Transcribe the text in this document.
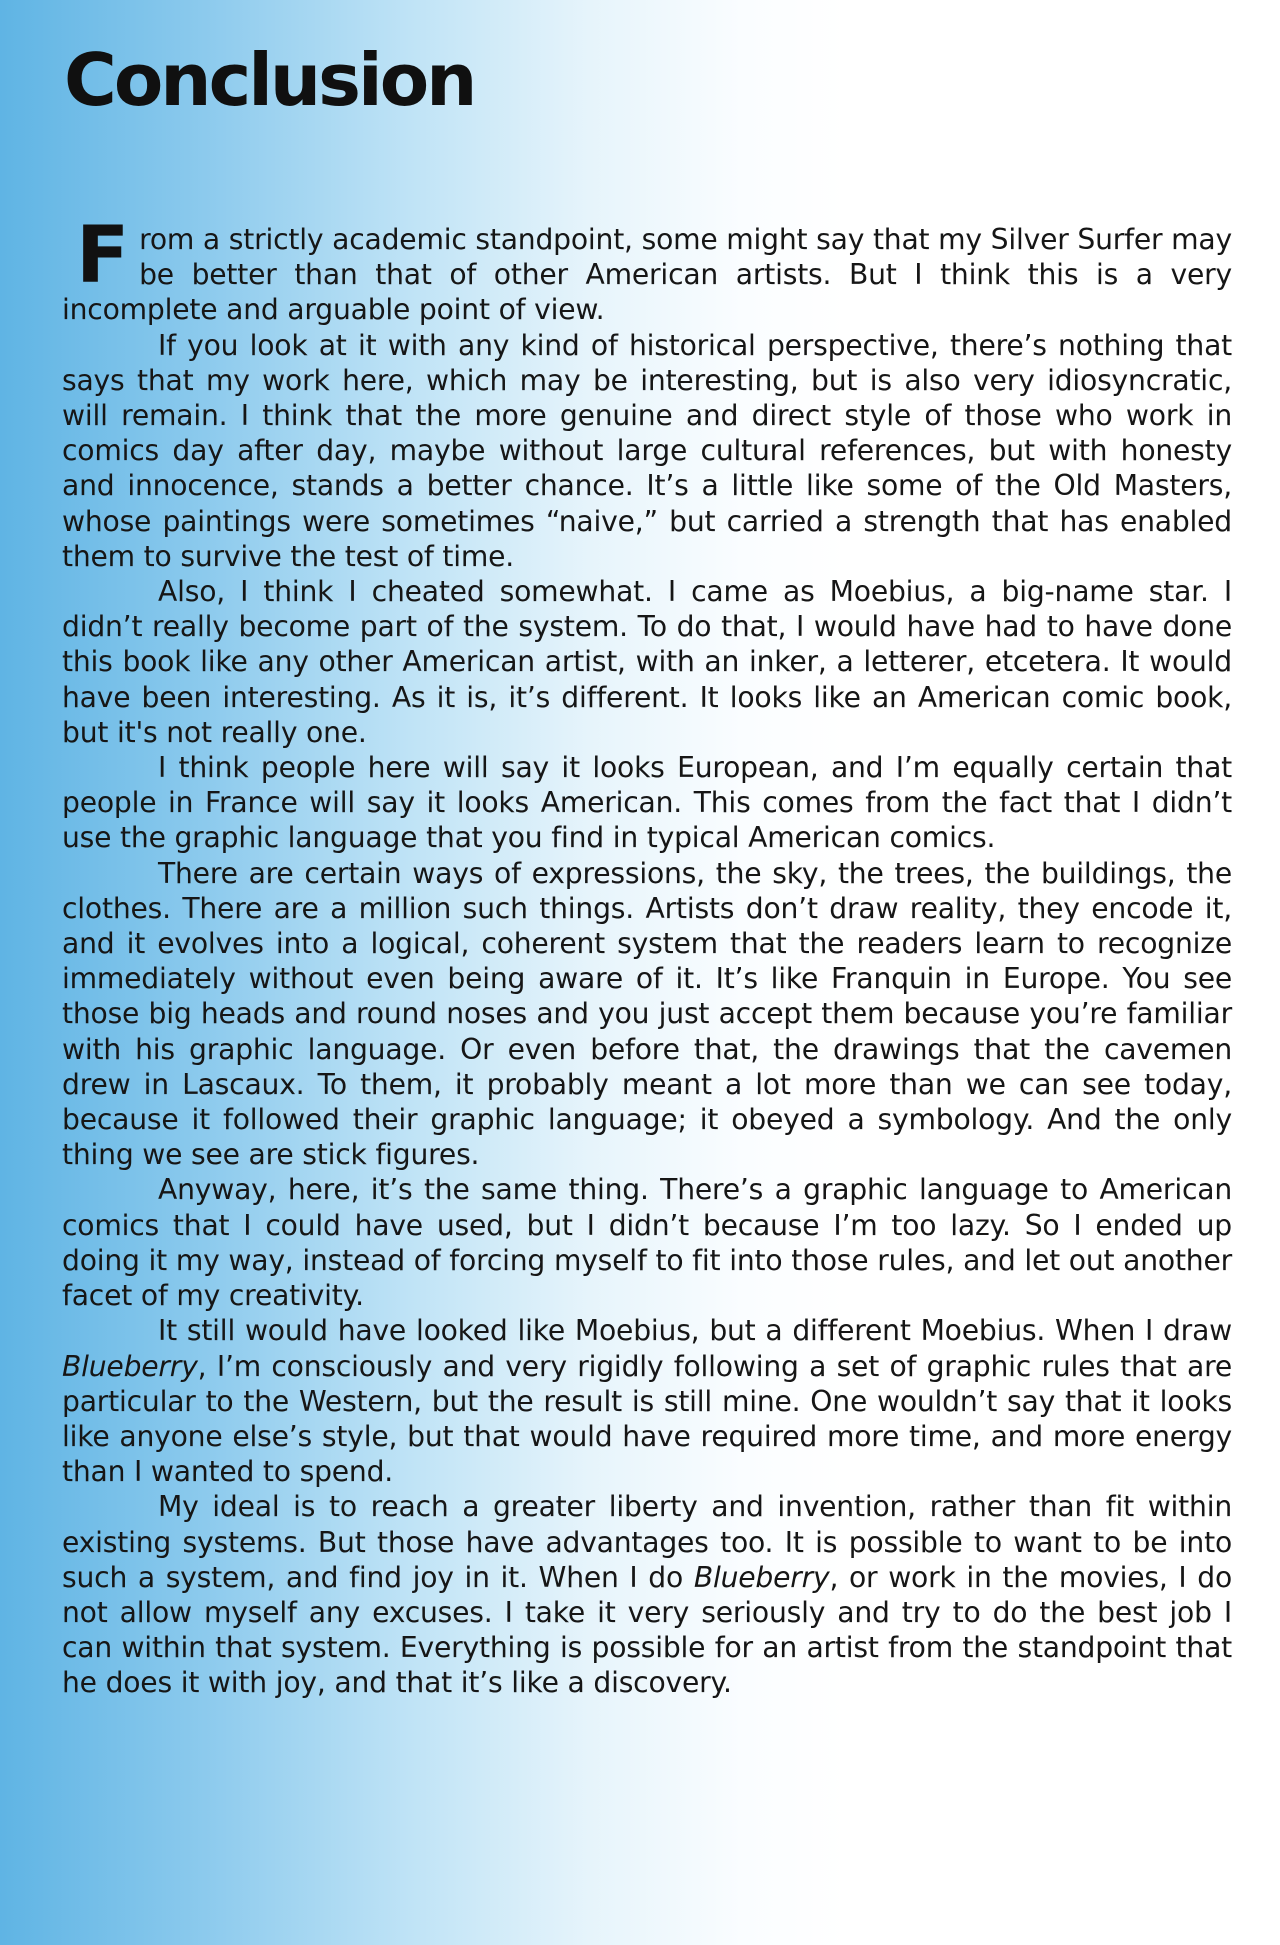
Conclusion

From a strictly academic standpoint, some might say that my Silver Surfer may be better than that of other American artists. But I think this is a very incomplete and arguable point of view.

If you look at it with any kind of historical perspective, there’s nothing that says that my work here, which may be interesting, but is also very idiosyncratic, will remain. I think that the more genuine and direct style of those who work in comics day after day, maybe without large cultural references, but with honesty and innocence, stands a better chance. It’s a little like some of the Old Masters, whose paintings were sometimes “naive,” but carried a strength that has enabled them to survive the test of time.

Also, I think I cheated somewhat. I came as Moebius, a big-name star. I didn’t really become part of the system. To do that, I would have had to have done this book like any other American artist, with an inker, a letterer, etcetera. It would have been interesting. As it is, it’s different. It looks like an American comic book, but it's not really one.

I think people here will say it looks European, and I’m equally certain that people in France will say it looks American. This comes from the fact that I didn’t use the graphic language that you find in typical American comics.

There are certain ways of expressions, the sky, the trees, the buildings, the clothes. There are a million such things. Artists don’t draw reality, they encode it, and it evolves into a logical, coherent system that the readers learn to recognize immediately without even being aware of it. It’s like Franquin in Europe. You see those big heads and round noses and you just accept them because you’re familiar with his graphic language. Or even before that, the drawings that the cavemen drew in Lascaux. To them, it probably meant a lot more than we can see today, because it followed their graphic language; it obeyed a symbology. And the only thing we see are stick figures.

Anyway, here, it’s the same thing. There’s a graphic language to American comics that I could have used, but I didn’t because I’m too lazy. So I ended up doing it my way, instead of forcing myself to fit into those rules, and let out another facet of my creativity.

It still would have looked like Moebius, but a different Moebius. When I draw Blueberry, I’m consciously and very rigidly following a set of graphic rules that are particular to the Western, but the result is still mine. One wouldn’t say that it looks like anyone else’s style, but that would have required more time, and more energy than I wanted to spend.

My ideal is to reach a greater liberty and invention, rather than fit within existing systems. But those have advantages too. It is possible to want to be into such a system, and find joy in it. When I do Blueberry, or work in the movies, I do not allow myself any excuses. I take it very seriously and try to do the best job I can within that system. Everything is possible for an artist from the standpoint that he does it with joy, and that it’s like a discovery.
